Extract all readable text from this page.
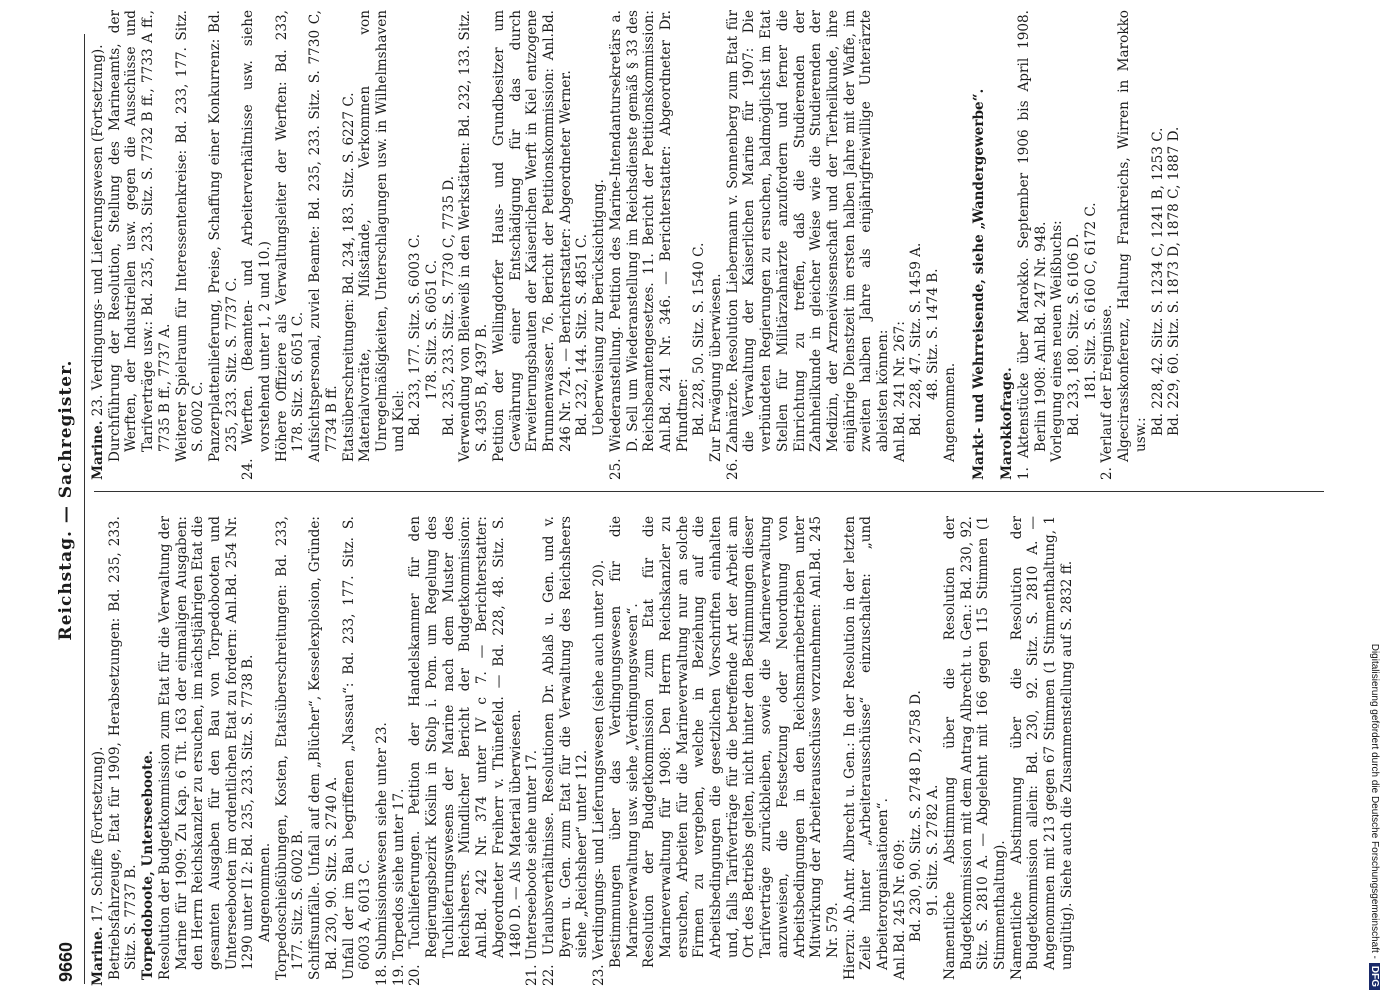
9660
Reichstag. — Sachregister.

Marine. 17. Schiffe (Fortsetzung). Betriebsfahrzeuge, Etat für 1909, Herabsetzungen: Bd. 235, 233. Sitz. S. 7737 B. Torpedoboote, Unterseeboote. Resolution der Budgetkommission zum Etat für die Verwaltung der Marine für 1909: Zu Kap. 6 Tit. 163 der einmaligen Ausgaben: den Herrn Reichskanzler zu ersuchen, im nächstjährigen Etat die gesamten Ausgaben für den Bau von Torpedobooten und Unterseebooten im ordentlichen Etat zu fordern: Anl.Bd. 254 Nr. 1290 unter II 2: Bd. 235, 233. Sitz. S. 7738 B. Angenommen. Torpedoschießübungen, Kosten, Etatsüberschreitungen: Bd. 233, 177. Sitz. S. 6002 B. Schiffsunfälle. Unfall auf dem „Blücher“, Kesselexplosion, Gründe: Bd. 230, 90. Sitz. S. 2740 A. Unfall der im Bau begriffenen „Nassau“: Bd. 233, 177. Sitz. S. 6003 A, 6013 C. 18. Submissionswesen siehe unter 23. 19. Torpedos siehe unter 17. 20. Tuchlieferungen. Petition der Handelskammer für den Regierungsbezirk Köslin in Stolp i. Pom. um Regelung des Tuchlieferungswesens der Marine nach dem Muster des Reichsheers. Mündlicher Bericht der Budgetkommission: Anl.Bd. 242 Nr. 374 unter IV c 7. — Berichterstatter: Abgeordneter Freiherr v. Thünefeld. — Bd. 228, 48. Sitz. S. 1480 D. — Als Material überwiesen. 21. Unterseeboote siehe unter 17. 22. Urlaubsverhältnisse. Resolutionen Dr. Ablaß u. Gen. und v. Byern u. Gen. zum Etat für die Verwaltung des Reichsheers siehe „Reichsheer“ unter 112. 23. Verdingungs- und Lieferungswesen (siehe auch unter 20). Bestimmungen über das Verdingungswesen für die Marineverwaltung usw. siehe „Verdingungswesen“. Resolution der Budgetkommission zum Etat für die Marineverwaltung für 1908: Den Herrn Reichskanzler zu ersuchen, Arbeiten für die Marineverwaltung nur an solche Firmen zu vergeben, welche in Beziehung auf die Arbeitsbedingungen die gesetzlichen Vorschriften einhalten und, falls Tarifverträge für die betreffende Art der Arbeit am Ort des Betriebs gelten, nicht hinter den Bestimmungen dieser Tarifverträge zurückbleiben, sowie die Marineverwaltung anzuweisen, die Festsetzung oder Neuordnung von Arbeitsbedingungen in den Reichsmarinebetrieben unter Mitwirkung der Arbeiterausschüsse vorzunehmen: Anl.Bd. 245 Nr. 579. Hierzu: Ab.Antr. Albrecht u. Gen.: In der Resolution in der letzten Zeile hinter „Arbeiterausschüsse“ einzuschalten: „und Arbeiterorganisationen“. Anl.Bd. 245 Nr. 609: Bd. 230, 90. Sitz. S. 2748 D, 2758 D. 91. Sitz. S. 2782 A. Namentliche Abstimmung über die Resolution der Budgetkommission mit dem Antrag Albrecht u. Gen.: Bd. 230, 92. Sitz. S. 2810 A. — Abgelehnt mit 166 gegen 115 Stimmen (1 Stimmenthaltung). Namentliche Abstimmung über die Resolution der Budgetkommission allein: Bd. 230, 92. Sitz. S. 2810 A. — Angenommen mit 213 gegen 67 Stimmen (1 Stimmenthaltung, 1 ungültig). Siehe auch die Zusammenstellung auf S. 2832 ff.

Marine. 23. Verdingungs- und Lieferungswesen (Fortsetzung). Durchführung der Resolution, Stellung des Marineamts, der Werften, der Industriellen usw. gegen die Ausschüsse und Tarifverträge usw.: Bd. 235, 233. Sitz. S. 7732 B ff., 7733 A ff., 7735 B ff., 7737 A. Weiterer Spielraum für Interessentenkreise: Bd. 233, 177. Sitz. S. 6002 C. Panzerplattenlieferung, Preise, Schaffung einer Konkurrenz: Bd. 235, 233. Sitz. S. 7737 C. 24. Werften. (Beamten- und Arbeiterverhältnisse usw. siehe vorstehend unter 1, 2 und 10.) Höhere Offiziere als Verwaltungsleiter der Werften: Bd. 233, 178. Sitz. S. 6051 C. Aufsichtspersonal, zuviel Beamte: Bd. 235, 233. Sitz. S. 7730 C, 7734 B ff. Etatsüberschreitungen: Bd. 234, 183. Sitz. S. 6227 C. Materialvorräte, Mißstände, Verkommen von Unregelmäßigkeiten, Unterschlagungen usw. in Wilhelmshaven und Kiel: Bd. 233, 177. Sitz. S. 6003 C. 178. Sitz. S. 6051 C. Bd. 235, 233. Sitz. S. 7730 C, 7735 D. Verwendung von Bleiweiß in den Werkstätten: Bd. 232, 133. Sitz. S. 4395 B, 4397 B. Petition der Wellingdorfer Haus- und Grundbesitzer um Gewährung einer Entschädigung für das durch Erweiterungsbauten der Kaiserlichen Werft in Kiel entzogene Brunnenwasser. 76. Bericht der Petitionskommission: Anl.Bd. 246 Nr. 724. — Berichterstatter: Abgeordneter Werner. Bd. 232, 144. Sitz. S. 4851 C. Ueberweisung zur Berücksichtigung. 25. Wiederanstellung. Petition des Marine-Intendantursekretärs a. D. Sell um Wiederanstellung im Reichsdienste gemäß § 33 des Reichsbeamtengesetzes. 11. Bericht der Petitionskommission: Anl.Bd. 241 Nr. 346. — Berichterstatter: Abgeordneter Dr. Pfundtner: Bd. 228, 50. Sitz. S. 1540 C. Zur Erwägung überwiesen. 26. Zahnärzte. Resolution Liebermann v. Sonnenberg zum Etat für die Verwaltung der Kaiserlichen Marine für 1907: Die verbündeten Regierungen zu ersuchen, baldmöglichst im Etat Stellen für Militärzahnärzte anzufordern und ferner die Einrichtung zu treffen, daß die Studierenden der Zahnheilkunde in gleicher Weise wie die Studierenden der Medizin, der Arzneiwissenschaft und der Tierheilkunde, ihre einjährige Dienstzeit im ersten halben Jahre mit der Waffe, im zweiten halben Jahre als einjährigfreiwillige Unterärzte ableisten können: Anl.Bd. 241 Nr. 267: Bd. 228, 47. Sitz. S. 1459 A. 48. Sitz. S. 1474 B.

Angenommen. Markt- und Wehrreisende, siehe „Wandergewerbe“. Marokkofrage. 1. Aktenstücke über Marokko. September 1906 bis April 1908. Berlin 1908: Anl.Bd. 247 Nr. 948. Vorlegung eines neuen Weißbuchs: Bd. 233, 180. Sitz. S. 6106 D. 181. Sitz. S. 6160 C, 6172 C. 2. Verlauf der Ereignisse. Algecirasskonferenz, Haltung Frankreichs, Wirren in Marokko usw.: Bd. 228, 42. Sitz. S. 1234 C, 1241 B, 1253 C. Bd. 229, 60. Sitz. S. 1873 D, 1878 C, 1887 D.

Digitalisierung gefördert durch die Deutsche Forschungsgemeinschaft -DFG
